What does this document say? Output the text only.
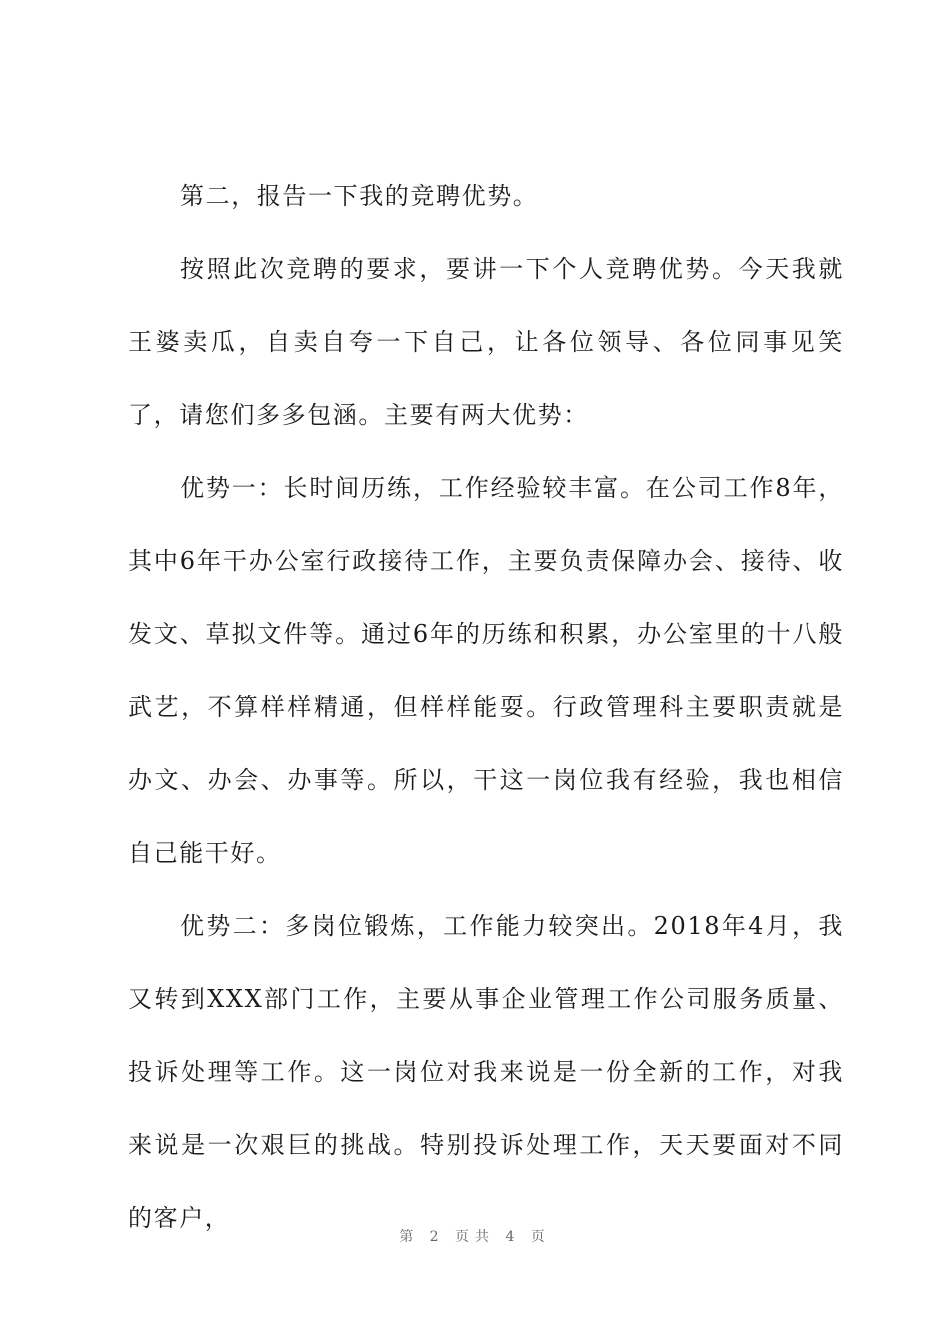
第二，报告一下我的竞聘优势。

按照此次竞聘的要求，要讲一下个人竞聘优势。今天我就王婆卖瓜，自卖自夸一下自己，让各位领导、各位同事见笑了，请您们多多包涵。主要有两大优势：

优势一：长时间历练，工作经验较丰富。在公司工作8年，其中6年干办公室行政接待工作，主要负责保障办会、接待、收发文、草拟文件等。通过6年的历练和积累，办公室里的十八般武艺，不算样样精通，但样样能耍。行政管理科主要职责就是办文、办会、办事等。所以，干这一岗位我有经验，我也相信自己能干好。

优势二：多岗位锻炼，工作能力较突出。2018年4月，我又转到XXX部门工作，主要从事企业管理工作公司服务质量、投诉处理等工作。这一岗位对我来说是一份全新的工作，对我来说是一次艰巨的挑战。特别投诉处理工作，天天要面对不同的客户，

第 2 页共 4 页
